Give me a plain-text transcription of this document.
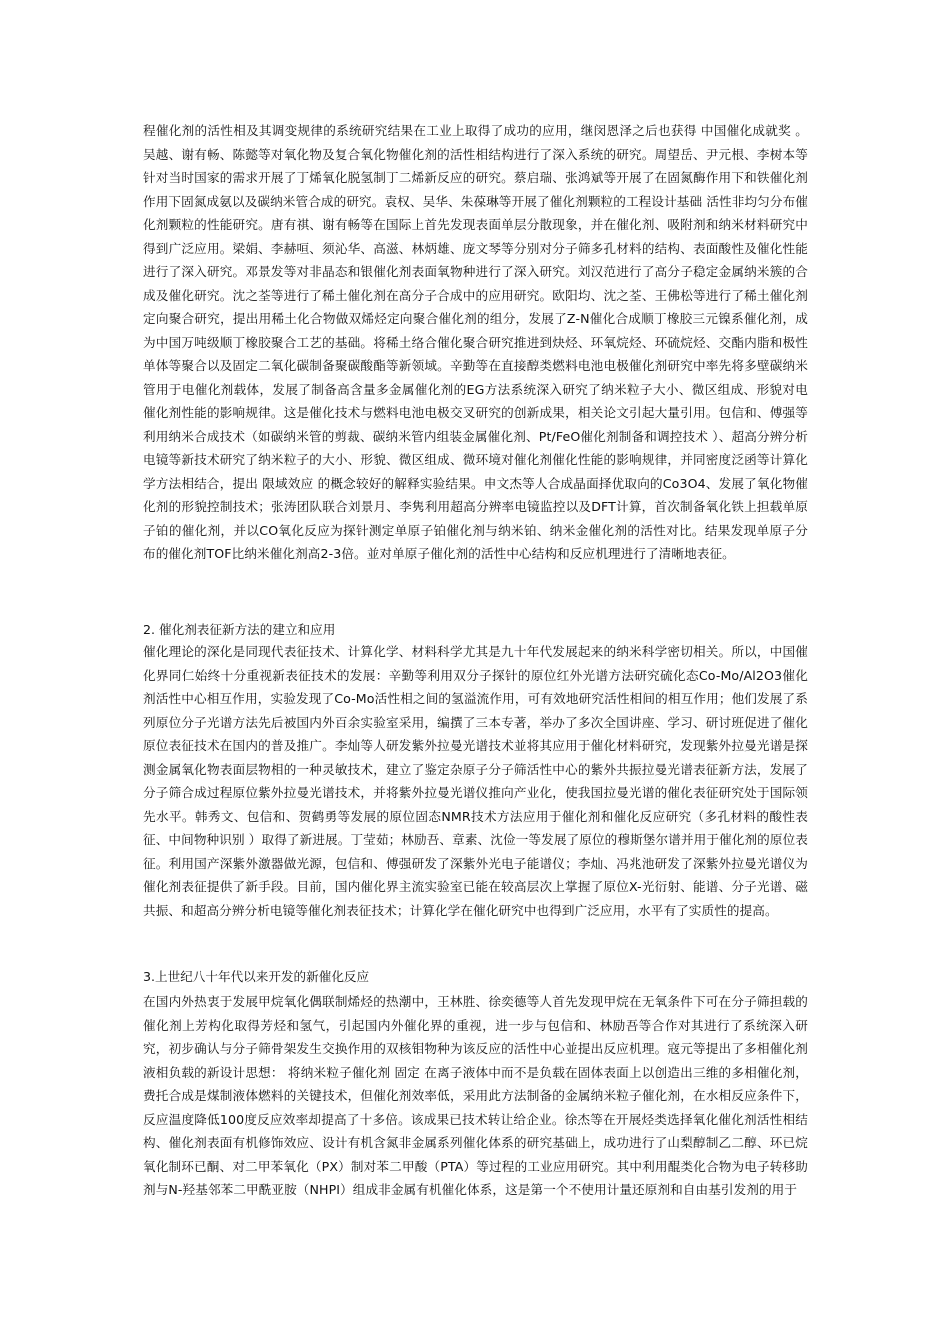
程催化剂的活性相及其调变规律的系统研究结果在工业上取得了成功的应用，继闵恩泽之后也获得 中国催化成就奖 。吴越、谢有畅、陈懿等对氧化物及复合氧化物催化剂的活性相结构进行了深入系统的研究。周望岳、尹元根、李树本等针对当时国家的需求开展了丁烯氧化脱氢制丁二烯新反应的研究。蔡启瑞、张鸿斌等开展了在固氮酶作用下和铁催化剂作用下固氮成氨以及碳纳米管合成的研究。袁权、吴华、朱葆琳等开展了催化剂颗粒的工程设计基础 活性非均匀分布催化剂颗粒的性能研究。唐有祺、谢有畅等在国际上首先发现表面单层分散现象，并在催化剂、吸附剂和纳米材料研究中得到广泛应用。梁娟、李赫咺、须沁华、高滋、林炳雄、庞文琴等分别对分子筛多孔材料的结构、表面酸性及催化性能进行了深入研究。邓景发等对非晶态和银催化剂表面氧物种进行了深入研究。刘汉范进行了高分子稳定金属纳米簇的合成及催化研究。沈之荃等进行了稀土催化剂在高分子合成中的应用研究。欧阳均、沈之荃、王佛松等进行了稀土催化剂定向聚合研究，提出用稀土化合物做双烯烃定向聚合催化剂的组分，发展了Z-N催化合成顺丁橡胶三元镍系催化剂，成为中国万吨级顺丁橡胶聚合工艺的基础。将稀土络合催化聚合研究推进到炔烃、环氧烷烃、环硫烷烃、交酯内脂和极性单体等聚合以及固定二氧化碳制备聚碳酸酯等新领域。辛勤等在直接醇类燃料电池电极催化剂研究中率先将多壁碳纳米管用于电催化剂载体，发展了制备高含量多金属催化剂的EG方法系统深入研究了纳米粒子大小、微区组成、形貌对电催化剂性能的影响规律。这是催化技术与燃料电池电极交叉研究的创新成果，相关论文引起大量引用。包信和、傅强等利用纳米合成技术（如碳纳米管的剪裁、碳纳米管内组装金属催化剂、Pt/FeO催化剂制备和调控技术 ）、超高分辨分析电镜等新技术研究了纳米粒子的大小、形貌、微区组成、微环境对催化剂催化性能的影响规律，并同密度泛函等计算化学方法相结合，提出 限域效应 的概念较好的解释实验结果。申文杰等人合成晶面择优取向的Co3O4、发展了氧化物催化剂的形貌控制技术；张涛团队联合刘景月、李隽利用超高分辨率电镜监控以及DFT计算，首次制备氧化铁上担载单原子铂的催化剂，并以CO氧化反应为探针测定单原子铂催化剂与纳米铂、纳米金催化剂的活性对比。结果发现单原子分布的催化剂TOF比纳米催化剂高2-3倍。並对单原子催化剂的活性中心结构和反应机理进行了清晰地表征。

2. 催化剂表征新方法的建立和应用

催化理论的深化是同现代表征技术、计算化学、材料科学尤其是九十年代发展起来的纳米科学密切相关。所以，中国催化界同仁始终十分重视新表征技术的发展：辛勤等利用双分子探针的原位红外光谱方法研究硫化态Co-Mo/Al2O3催化剂活性中心相互作用，实验发现了Co-Mo活性相之间的氢溢流作用，可有效地研究活性相间的相互作用；他们发展了系列原位分子光谱方法先后被国内外百余实验室采用，编撰了三本专著，举办了多次全国讲座、学习、研讨班促进了催化原位表征技术在国内的普及推广。李灿等人研发紫外拉曼光谱技术並将其应用于催化材料研究，发现紫外拉曼光谱是探测金属氧化物表面层物相的一种灵敏技术，建立了鉴定杂原子分子筛活性中心的紫外共振拉曼光谱表征新方法，发展了分子筛合成过程原位紫外拉曼光谱技术，并将紫外拉曼光谱仪推向产业化，使我国拉曼光谱的催化表征研究处于国际领先水平。韩秀文、包信和、贺鹤勇等发展的原位固态NMR技术方法应用于催化剂和催化反应研究（多孔材料的酸性表征、中间物种识别 ）取得了新进展。丁莹茹；林励吾、章素、沈俭一等发展了原位的穆斯堡尔谱并用于催化剂的原位表征。利用国产深紫外激器做光源，包信和、傅强研发了深紫外光电子能谱仪；李灿、冯兆池研发了深紫外拉曼光谱仪为催化剂表征提供了新手段。目前，国内催化界主流实验室已能在较高层次上掌握了原位X-光衍射、能谱、分子光谱、磁共振、和超高分辨分析电镜等催化剂表征技术；计算化学在催化研究中也得到广泛应用，水平有了实质性的提高。

3.上世纪八十年代以来开发的新催化反应

在国内外热衷于发展甲烷氧化偶联制烯烃的热潮中，王林胜、徐奕德等人首先发现甲烷在无氧条件下可在分子筛担载的催化剂上芳构化取得芳烃和氢气，引起国内外催化界的重视，进一步与包信和、林励吾等合作对其进行了系统深入研究，初步确认与分子筛骨架发生交换作用的双核钼物种为该反应的活性中心並提出反应机理。寇元等提出了多相催化剂液相负载的新设计思想： 将纳米粒子催化剂 固定 在离子液体中而不是负载在固体表面上以创造出三维的多相催化剂，费托合成是煤制液体燃料的关键技术，但催化剂效率低，采用此方法制备的金属纳米粒子催化剂，在水相反应条件下，反应温度降低100度反应效率却提高了十多倍。该成果已技术转让给企业。徐杰等在开展烃类选择氧化催化剂活性相结构、催化剂表面有机修饰效应、设计有机含氮非金属系列催化体系的研究基础上，成功进行了山梨醇制乙二醇、环已烷氧化制环已酮、对二甲苯氧化（PX）制对苯二甲酸（PTA）等过程的工业应用研究。其中利用醌类化合物为电子转移助剂与N-羟基邻苯二甲酰亚胺（NHPI）组成非金属有机催化体系，这是第一个不使用计量还原剂和自由基引发剂的用于
